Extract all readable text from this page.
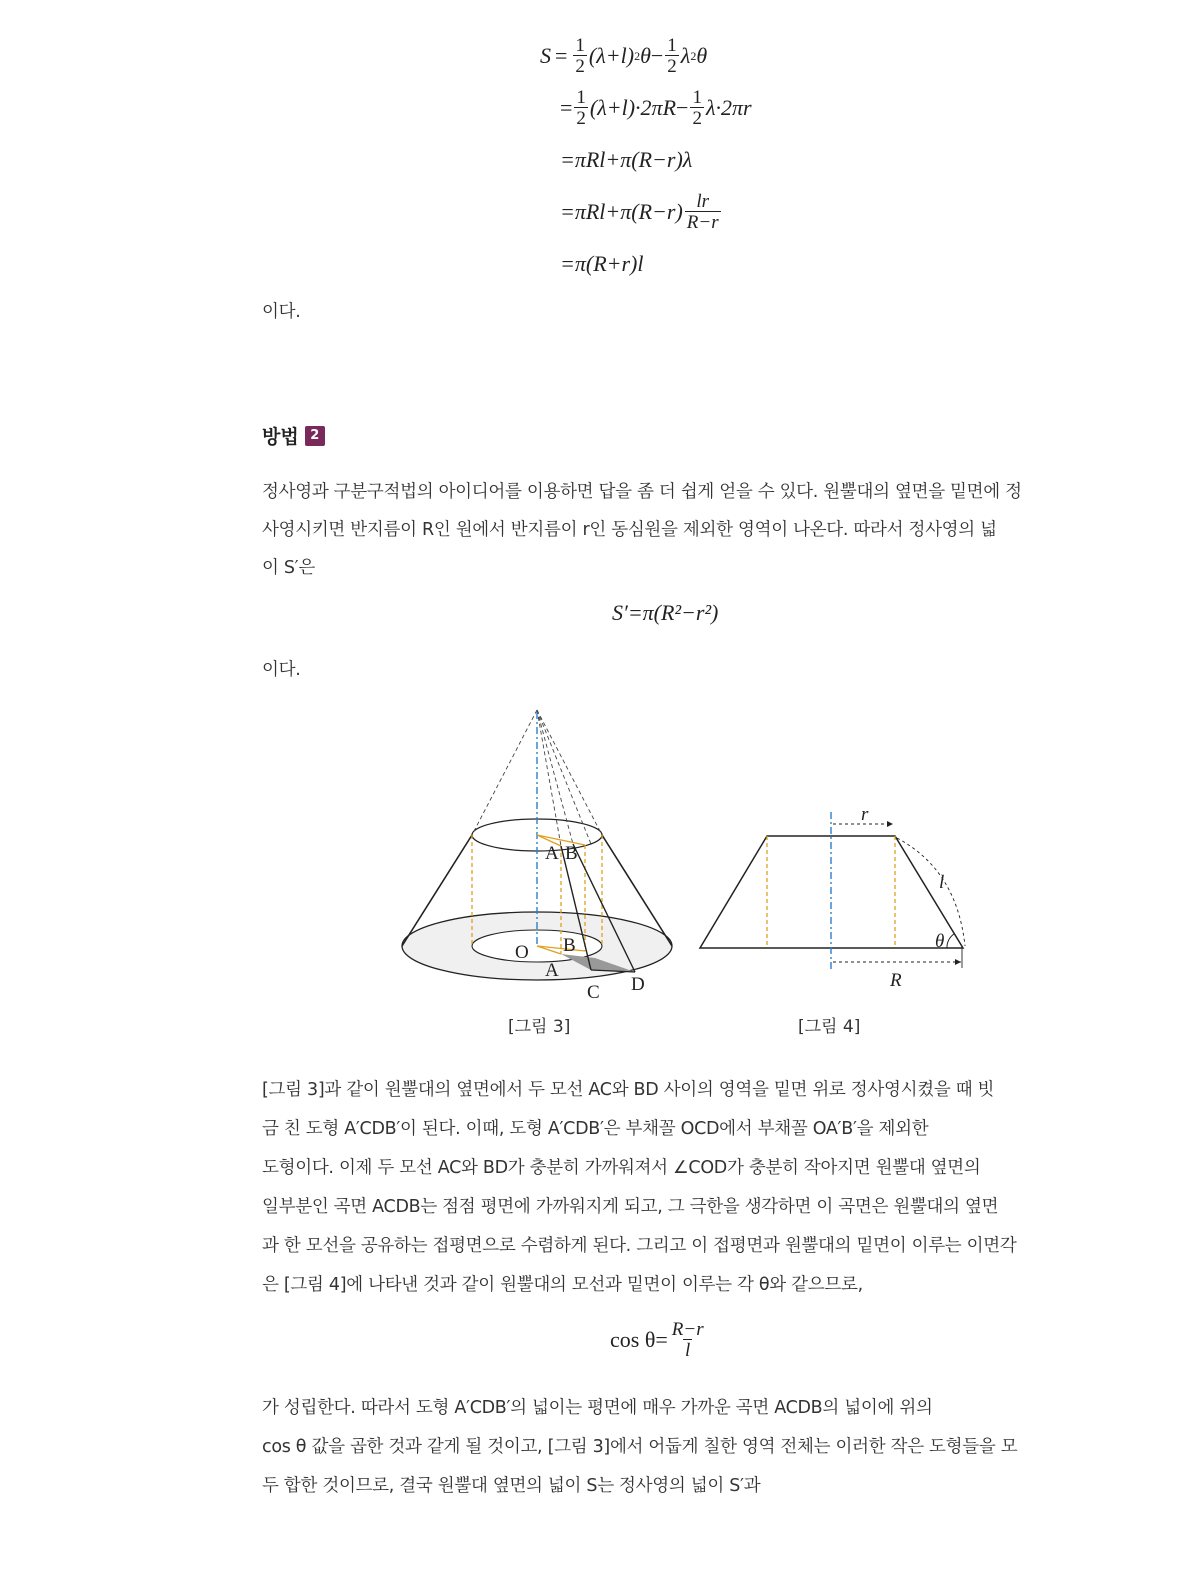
$S = \frac{1}{2} (\lambda+l)$ 2 $\theta - \frac{1}{2}$ λ 2 θ
= $\frac{1}{2} (\lambda+l)\cdot 2\pi R - \frac{1}{2} \lambda\cdot 2\pi r$
=πRl+π(R−r)λ
$=\pi Rl+\pi(R-r) \frac{lr}{R-r}$
=π(R+r)l
이다.
방법 2
정사영과 구분구적법의 아이디어를 이용하면 답을 좀 더 쉽게 얻을 수 있다. 원뿔대의 옆면을 밑면에 정
사영시키면 반지름이 R인 원에서 반지름이 r인 동심원을 제외한 영역이 나온다. 따라서 정사영의 넓
이 S′은
S′=π(R²−r²)
이다.
A B
O B
A
C D
[그림 3]
r
l
θ
R
[그림 4]
[그림 3]과 같이 원뿔대의 옆면에서 두 모선 AC와 BD 사이의 영역을 밑면 위로 정사영시켰을 때 빗
금 친 도형 A′CDB′이 된다. 이때, 도형 A′CDB′은 부채꼴 OCD에서 부채꼴 OA′B′을 제외한
도형이다. 이제 두 모선 AC와 BD가 충분히 가까워져서 ∠COD가 충분히 작아지면 원뿔대 옆면의
일부분인 곡면 ACDB는 점점 평면에 가까워지게 되고, 그 극한을 생각하면 이 곡면은 원뿔대의 옆면
과 한 모선을 공유하는 접평면으로 수렴하게 된다. 그리고 이 접평면과 원뿔대의 밑면이 이루는 이면각
은 [그림 4]에 나타낸 것과 같이 원뿔대의 모선과 밑면이 이루는 각 θ와 같으므로,
$\cos \theta= \frac{R-r}{l}$
가 성립한다. 따라서 도형 A′CDB′의 넓이는 평면에 매우 가까운 곡면 ACDB의 넓이에 위의
cos θ 값을 곱한 것과 같게 될 것이고, [그림 3]에서 어둡게 칠한 영역 전체는 이러한 작은 도형들을 모
두 합한 것이므로, 결국 원뿔대 옆면의 넓이 S는 정사영의 넓이 S′과
